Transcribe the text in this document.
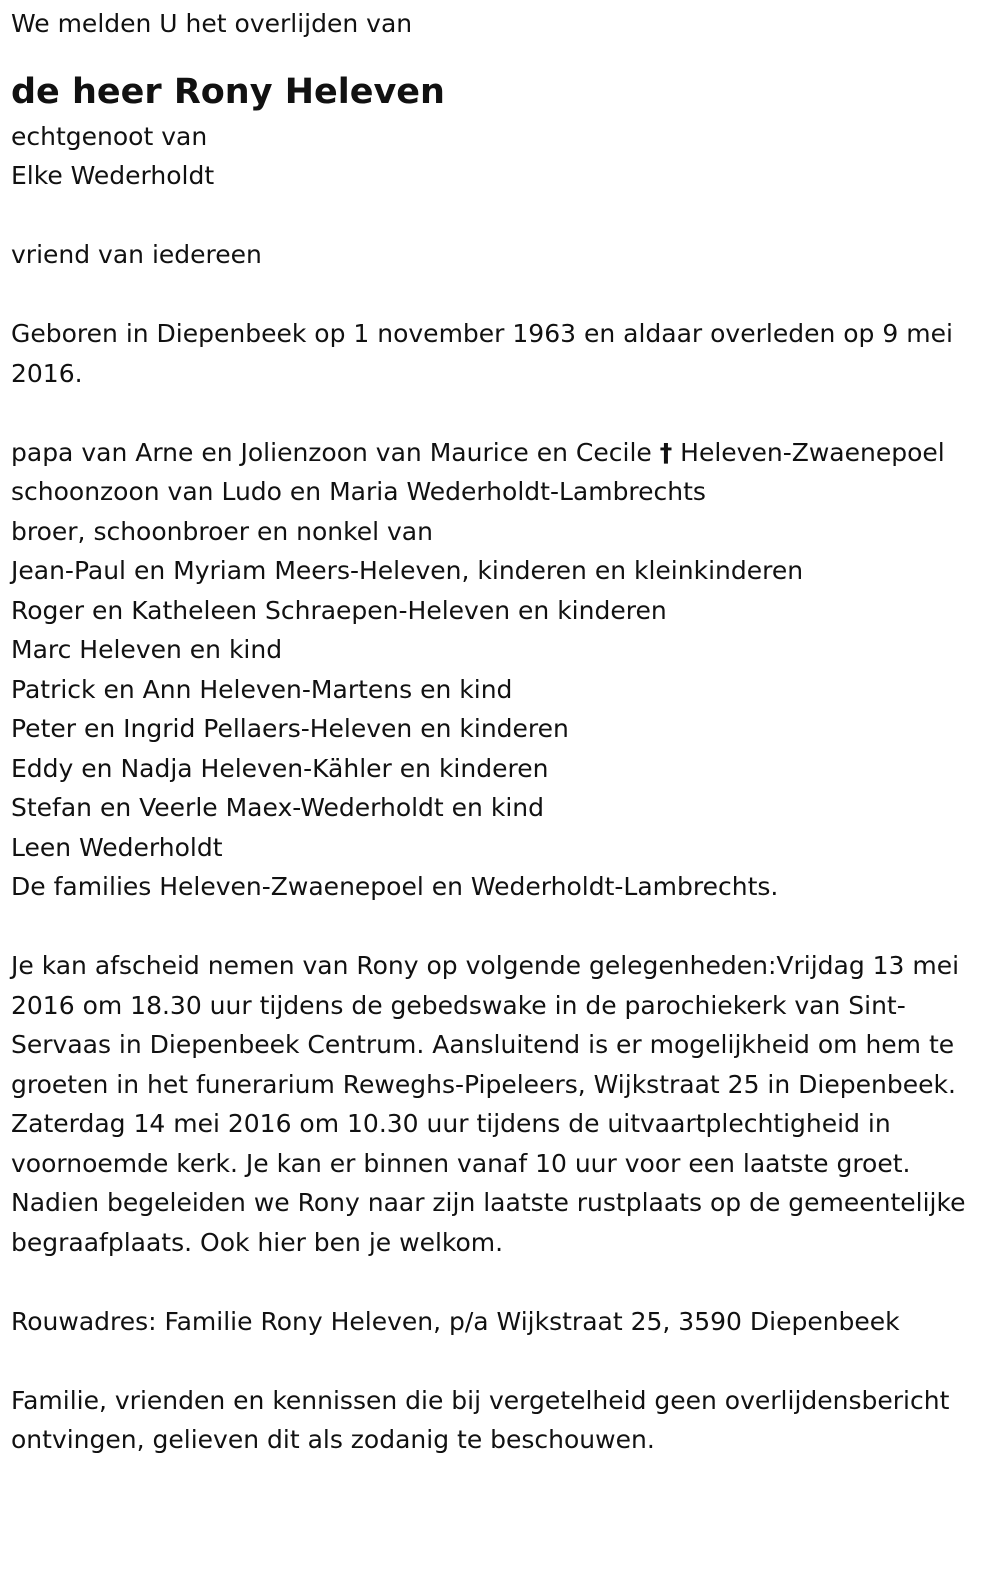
We melden U het overlijden van
de heer Rony Heleven
echtgenoot van
Elke Wederholdt
vriend van iedereen
Geboren in Diepenbeek op 1 november 1963 en aldaar overleden op 9 mei 2016.
papa van Arne en Jolienzoon van Maurice en Cecile † Heleven-Zwaenepoel
schoonzoon van Ludo en Maria Wederholdt-Lambrechts
broer, schoonbroer en nonkel van
Jean-Paul en Myriam Meers-Heleven, kinderen en kleinkinderen
Roger en Katheleen Schraepen-Heleven en kinderen
Marc Heleven en kind
Patrick en Ann Heleven-Martens en kind
Peter en Ingrid Pellaers-Heleven en kinderen
Eddy en Nadja Heleven-Kähler en kinderen
Stefan en Veerle Maex-Wederholdt en kind
Leen Wederholdt
De families Heleven-Zwaenepoel en Wederholdt-Lambrechts.
Je kan afscheid nemen van Rony op volgende gelegenheden:Vrijdag 13 mei 2016 om 18.30 uur tijdens de gebedswake in de parochiekerk van Sint-Servaas in Diepenbeek Centrum. Aansluitend is er mogelijkheid om hem te groeten in het funerarium Reweghs-Pipeleers, Wijkstraat 25 in Diepenbeek.
Zaterdag 14 mei 2016 om 10.30 uur tijdens de uitvaartplechtigheid in voornoemde kerk. Je kan er binnen vanaf 10 uur voor een laatste groet. Nadien begeleiden we Rony naar zijn laatste rustplaats op de gemeentelijke begraafplaats. Ook hier ben je welkom.
Rouwadres: Familie Rony Heleven, p/a Wijkstraat 25, 3590 Diepenbeek
Familie, vrienden en kennissen die bij vergetelheid geen overlijdensbericht ontvingen, gelieven dit als zodanig te beschouwen.
